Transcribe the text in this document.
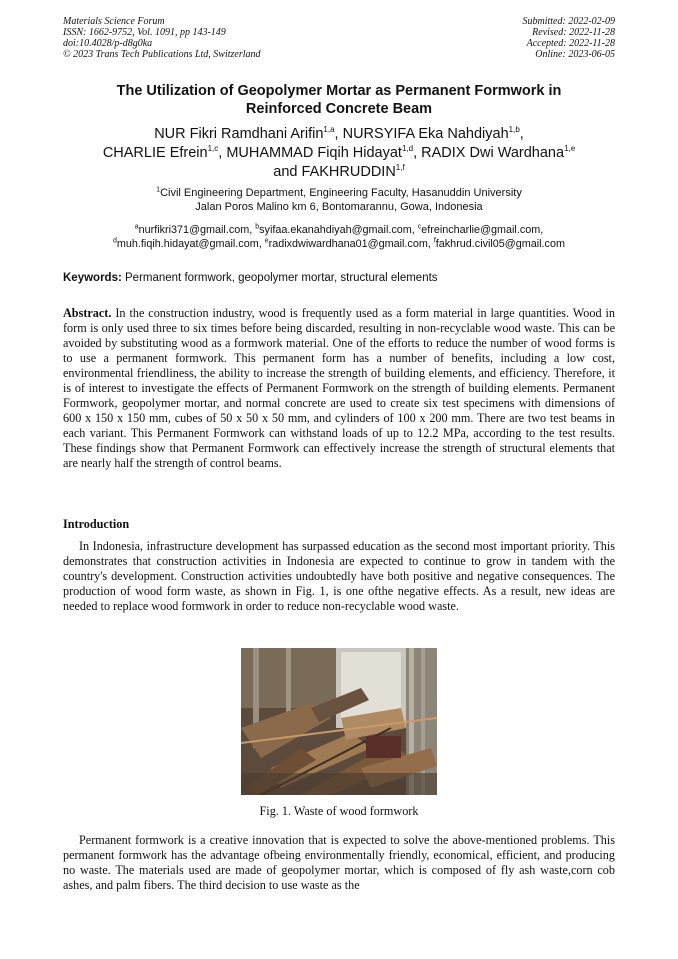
Materials Science Forum
ISSN: 1662-9752, Vol. 1091, pp 143-149
doi:10.4028/p-d8g0ka
© 2023 Trans Tech Publications Ltd, Switzerland
Submitted: 2022-02-09
Revised: 2022-11-28
Accepted: 2022-11-28
Online: 2023-06-05
The Utilization of Geopolymer Mortar as Permanent Formwork in
Reinforced Concrete Beam
NUR Fikri Ramdhani Arifin$^{1,a}$, NURSYIFA Eka Nahdiyah$^{1,b}$,
CHARLIE Efrein$^{1,c}$, MUHAMMAD Fiqih Hidayat$^{1,d}$, RADIX Dwi Wardhana$^{1,e}$
and FAKHRUDDIN$^{1,f}$
$^1$Civil Engineering Department, Engineering Faculty, Hasanuddin University
Jalan Poros Malino km 6, Bontomarannu, Gowa, Indonesia
$^a$nurfikri371@gmail.com, $^b$syifaa.ekanahdiyah@gmail.com, $^c$efreincharlie@gmail.com,
$^d$muh.fiqih.hidayat@gmail.com, $^e$radixdwiwardhana01@gmail.com, $^f$fakhrud.civil05@gmail.com
Keywords: Permanent formwork, geopolymer mortar, structural elements
Abstract. In the construction industry, wood is frequently used as a form material in large quantities. Wood in form is only used three to six times before being discarded, resulting in non-recyclable wood waste. This can be avoided by substituting wood as a formwork material. One of the efforts to reduce the number of wood forms is to use a permanent formwork. This permanent form has a number of benefits, including a low cost, environmental friendliness, the ability to increase the strength of building elements, and efficiency. Therefore, it is of interest to investigate the effects of Permanent Formwork on the strength of building elements. Permanent Formwork, geopolymer mortar, and normal concrete are used to create six test specimens with dimensions of 600 x 150 x 150 mm, cubes of 50 x 50 x 50 mm, and cylinders of 100 x 200 mm. There are two test beams in each variant. This Permanent Formwork can withstand loads of up to 12.2 MPa, according to the test results. These findings show that Permanent Formwork can effectively increase the strength of structural elements that are nearly half the strength of control beams.
Introduction
In Indonesia, infrastructure development has surpassed education as the second most important priority. This demonstrates that construction activities in Indonesia are expected to continue to grow in tandem with the country's development. Construction activities undoubtedly have both positive and negative consequences. The production of wood form waste, as shown in Fig. 1, is one ofthe negative effects. As a result, new ideas are needed to replace wood formwork in order to reduce non-recyclable wood waste.
Fig. 1. Waste of wood formwork
Permanent formwork is a creative innovation that is expected to solve the above-mentioned problems. This permanent formwork has the advantage ofbeing environmentally friendly, economical, efficient, and producing no waste. The materials used are made of geopolymer mortar, which is composed of fly ash waste,corn cob ashes, and palm fibers. The third decision to use waste as the
